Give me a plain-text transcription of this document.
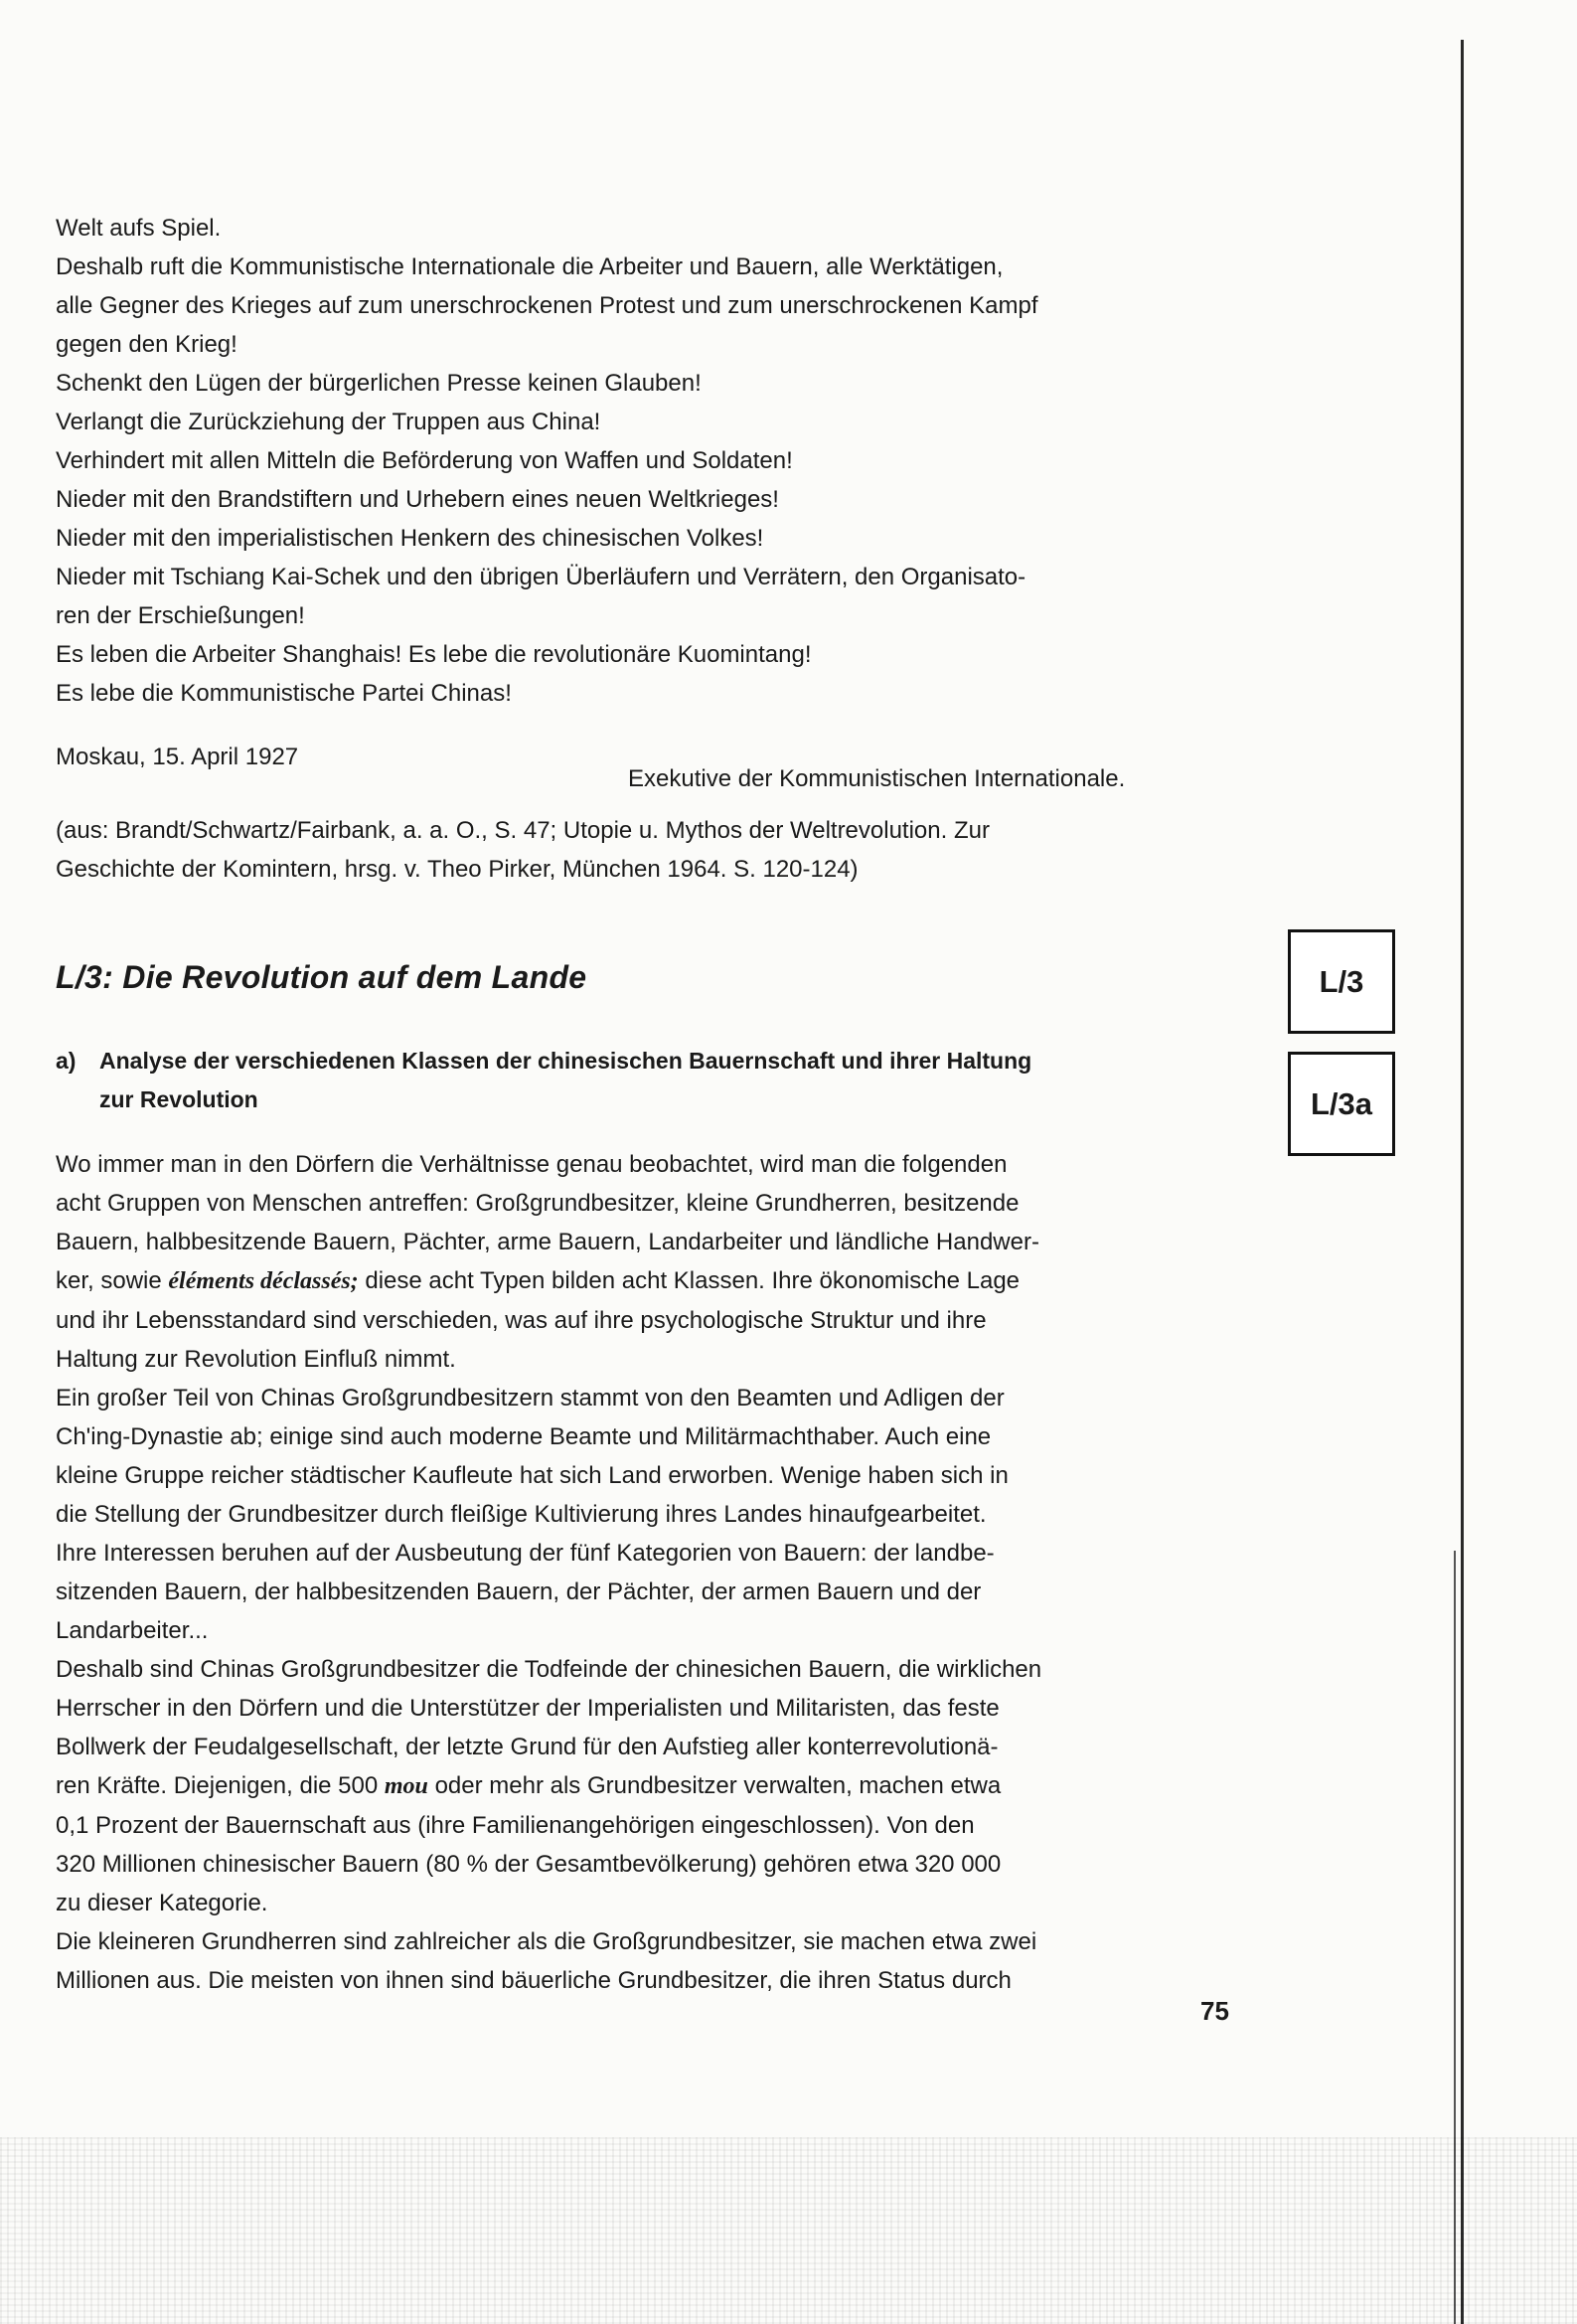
Welt aufs Spiel.
Deshalb ruft die Kommunistische Internationale die Arbeiter und Bauern, alle Werktätigen,
alle Gegner des Krieges auf zum unerschrockenen Protest und zum unerschrockenen Kampf
gegen den Krieg!
Schenkt den Lügen der bürgerlichen Presse keinen Glauben!
Verlangt die Zurückziehung der Truppen aus China!
Verhindert mit allen Mitteln die Beförderung von Waffen und Soldaten!
Nieder mit den Brandstiftern und Urhebern eines neuen Weltkrieges!
Nieder mit den imperialistischen Henkern des chinesischen Volkes!
Nieder mit Tschiang Kai-Schek und den übrigen Überläufern und Verrätern, den Organisato-
ren der Erschießungen!
Es leben die Arbeiter Shanghais! Es lebe die revolutionäre Kuomintang!
Es lebe die Kommunistische Partei Chinas!
Moskau, 15. April 1927
Exekutive der Kommunistischen Internationale.
(aus: Brandt/Schwartz/Fairbank, a. a. O., S. 47; Utopie u. Mythos der Weltrevolution. Zur
Geschichte der Komintern, hrsg. v. Theo Pirker, München 1964. S. 120-124)
L/3: Die Revolution auf dem Lande	L/3
L/3a
a) Analyse der verschiedenen Klassen der chinesischen Bauernschaft und ihrer Haltung
zur Revolution
Wo immer man in den Dörfern die Verhältnisse genau beobachtet, wird man die folgenden
acht Gruppen von Menschen antreffen: Großgrundbesitzer, kleine Grundherren, besitzende
Bauern, halbbesitzende Bauern, Pächter, arme Bauern, Landarbeiter und ländliche Handwer-
ker, sowie éléments déclassés; diese acht Typen bilden acht Klassen. Ihre ökonomische Lage
und ihr Lebensstandard sind verschieden, was auf ihre psychologische Struktur und ihre
Haltung zur Revolution Einfluß nimmt.
Ein großer Teil von Chinas Großgrundbesitzern stammt von den Beamten und Adligen der
Ch'ing-Dynastie ab; einige sind auch moderne Beamte und Militärmachthaber. Auch eine
kleine Gruppe reicher städtischer Kaufleute hat sich Land erworben. Wenige haben sich in
die Stellung der Grundbesitzer durch fleißige Kultivierung ihres Landes hinaufgearbeitet.
Ihre Interessen beruhen auf der Ausbeutung der fünf Kategorien von Bauern: der landbe-
sitzenden Bauern, der halbbesitzenden Bauern, der Pächter, der armen Bauern und der
Landarbeiter...
Deshalb sind Chinas Großgrundbesitzer die Todfeinde der chinesichen Bauern, die wirklichen
Herrscher in den Dörfern und die Unterstützer der Imperialisten und Militaristen, das feste
Bollwerk der Feudalgesellschaft, der letzte Grund für den Aufstieg aller konterrevolutionä-
ren Kräfte. Diejenigen, die 500 mou oder mehr als Grundbesitzer verwalten, machen etwa
0,1 Prozent der Bauernschaft aus (ihre Familienangehörigen eingeschlossen). Von den
320 Millionen chinesischer Bauern (80 % der Gesamtbevölkerung) gehören etwa 320 000
zu dieser Kategorie.
Die kleineren Grundherren sind zahlreicher als die Großgrundbesitzer, sie machen etwa zwei
Millionen aus. Die meisten von ihnen sind bäuerliche Grundbesitzer, die ihren Status durch
75
